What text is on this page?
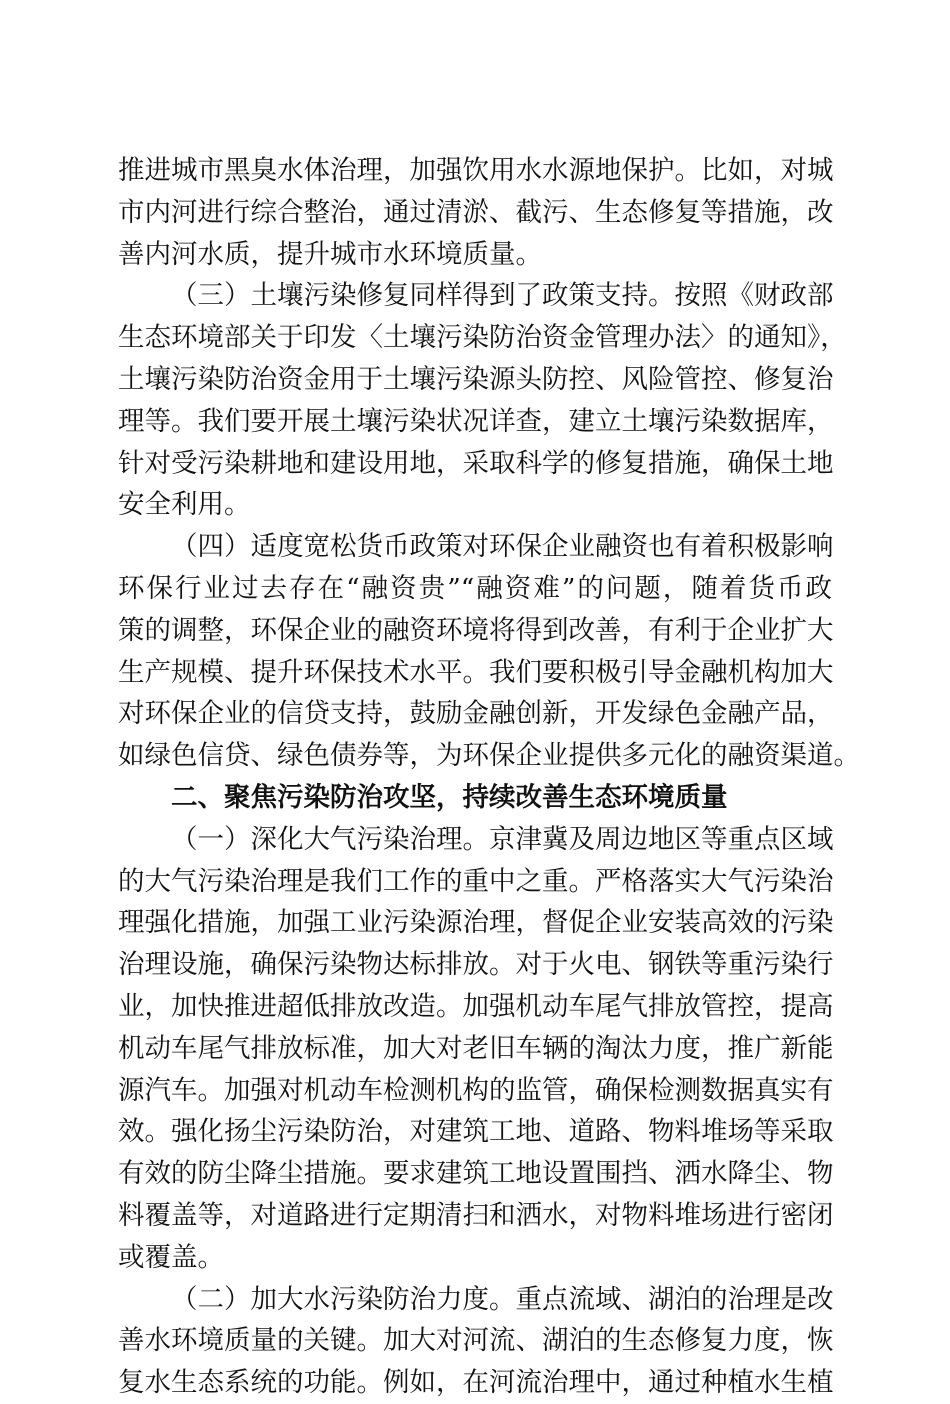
推进城市黑臭水体治理，加强饮用水水源地保护。比如，对城
市内河进行综合整治，通过清淤、截污、生态修复等措施，改
善内河水质，提升城市水环境质量。
（三）土壤污染修复同样得到了政策支持。按照《财政部
生态环境部关于印发〈土壤污染防治资金管理办法〉的通知》，
土壤污染防治资金用于土壤污染源头防控、风险管控、修复治
理等。我们要开展土壤污染状况详查，建立土壤污染数据库，
针对受污染耕地和建设用地，采取科学的修复措施，确保土地
安全利用。
（四）适度宽松货币政策对环保企业融资也有着积极影响
环保行业过去存在“融资贵”“融资难”的问题，随着货币政
策的调整，环保企业的融资环境将得到改善，有利于企业扩大
生产规模、提升环保技术水平。我们要积极引导金融机构加大
对环保企业的信贷支持，鼓励金融创新，开发绿色金融产品，
如绿色信贷、绿色债券等，为环保企业提供多元化的融资渠道。
二、聚焦污染防治攻坚，持续改善生态环境质量
（一）深化大气污染治理。京津冀及周边地区等重点区域
的大气污染治理是我们工作的重中之重。严格落实大气污染治
理强化措施，加强工业污染源治理，督促企业安装高效的污染
治理设施，确保污染物达标排放。对于火电、钢铁等重污染行
业，加快推进超低排放改造。加强机动车尾气排放管控，提高
机动车尾气排放标准，加大对老旧车辆的淘汰力度，推广新能
源汽车。加强对机动车检测机构的监管，确保检测数据真实有
效。强化扬尘污染防治，对建筑工地、道路、物料堆场等采取
有效的防尘降尘措施。要求建筑工地设置围挡、洒水降尘、物
料覆盖等，对道路进行定期清扫和洒水，对物料堆场进行密闭
或覆盖。
（二）加大水污染防治力度。重点流域、湖泊的治理是改
善水环境质量的关键。加大对河流、湖泊的生态修复力度，恢
复水生态系统的功能。例如，在河流治理中，通过种植水生植
